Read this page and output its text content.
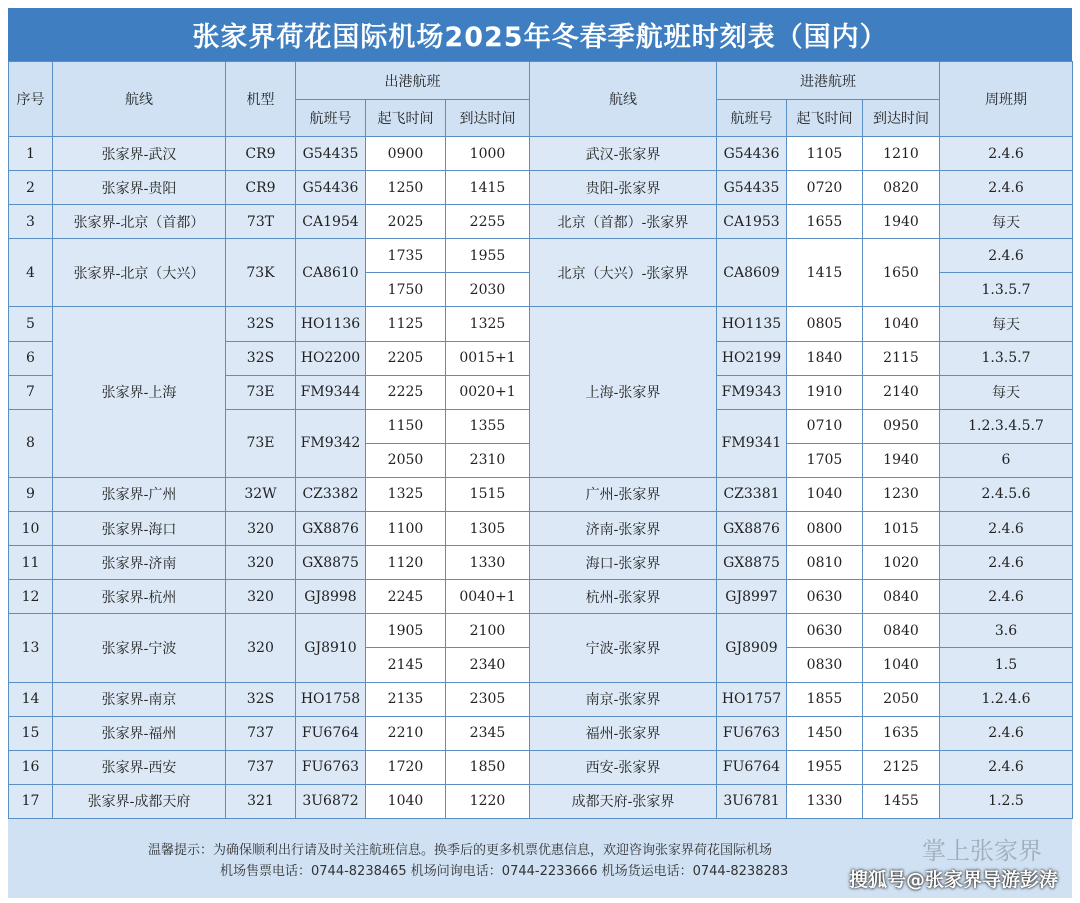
张家界荷花国际机场2025年冬春季航班时刻表（国内）
序号	航线	机型	出港航班			航线	进港航班			周班期
			航班号	起飞时间	到达时间		航班号	起飞时间	到达时间	
1	张家界-武汉	CR9	G54435	0900	1000	武汉-张家界	G54436	1105	1210	2.4.6
2	张家界-贵阳	CR9	G54436	1250	1415	贵阳-张家界	G54435	0720	0820	2.4.6
3	张家界-北京（首都）	73T	CA1954	2025	2255	北京（首都）-张家界	CA1953	1655	1940	每天
4	张家界-北京（大兴）	73K	CA8610	1735	1955	北京（大兴）-张家界	CA8609	1415	1650	2.4.6
				1750	2030					1.3.5.7
5	张家界-上海	32S	HO1136	1125	1325	上海-张家界	HO1135	0805	1040	每天
6		32S	HO2200	2205	0015+1		HO2199	1840	2115	1.3.5.7
7		73E	FM9344	2225	0020+1		FM9343	1910	2140	每天
8		73E	FM9342	1150	1355		FM9341	0710	0950	1.2.3.4.5.7
				2050	2310			1705	1940	6
9	张家界-广州	32W	CZ3382	1325	1515	广州-张家界	CZ3381	1040	1230	2.4.5.6
10	张家界-海口	320	GX8876	1100	1305	济南-张家界	GX8876	0800	1015	2.4.6
11	张家界-济南	320	GX8875	1120	1330	海口-张家界	GX8875	0810	1020	2.4.6
12	张家界-杭州	320	GJ8998	2245	0040+1	杭州-张家界	GJ8997	0630	0840	2.4.6
13	张家界-宁波	320	GJ8910	1905	2100	宁波-张家界	GJ8909	0630	0840	3.6
				2145	2340			0830	1040	1.5
14	张家界-南京	32S	HO1758	2135	2305	南京-张家界	HO1757	1855	2050	1.2.4.6
15	张家界-福州	737	FU6764	2210	2345	福州-张家界	FU6763	1450	1635	2.4.6
16	张家界-西安	737	FU6763	1720	1850	西安-张家界	FU6764	1955	2125	2.4.6
17	张家界-成都天府	321	3U6872	1040	1220	成都天府-张家界	3U6781	1330	1455	1.2.5
温馨提示：为确保顺利出行请及时关注航班信息。换季后的更多机票优惠信息，欢迎咨询张家界荷花国际机场
机场售票电话：0744-8238465 机场问询电话：0744-2233666 机场货运电话：0744-8238283
掌上张家界
搜狐号@张家界导游彭涛
